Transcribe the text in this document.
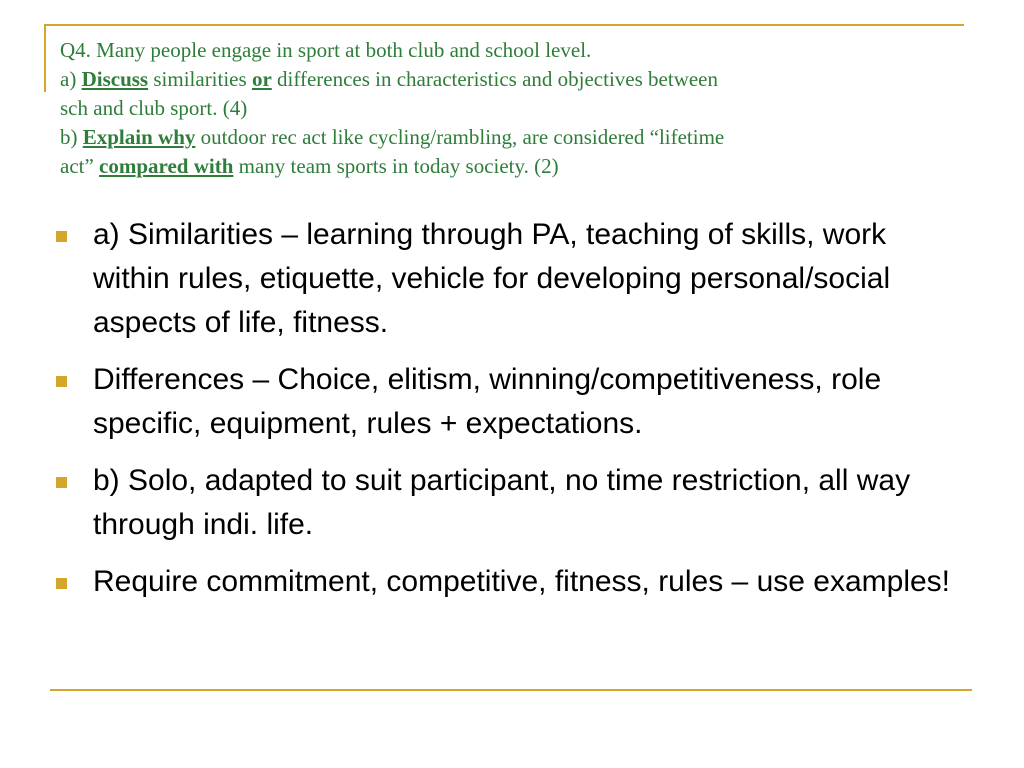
Q4. Many people engage in sport at both club and school level.
a) Discuss similarities or differences in characteristics and objectives between
sch and club sport. (4)
b) Explain why outdoor rec act like cycling/rambling, are considered “lifetime
act” compared with many team sports in today society. (2)
a) Similarities – learning through PA, teaching of skills, work within rules, etiquette, vehicle for developing personal/social aspects of life, fitness.
Differences – Choice, elitism, winning/competitiveness, role specific, equipment, rules + expectations.
b) Solo, adapted to suit participant, no time restriction, all way through indi. life.
Require commitment, competitive, fitness, rules – use examples!
